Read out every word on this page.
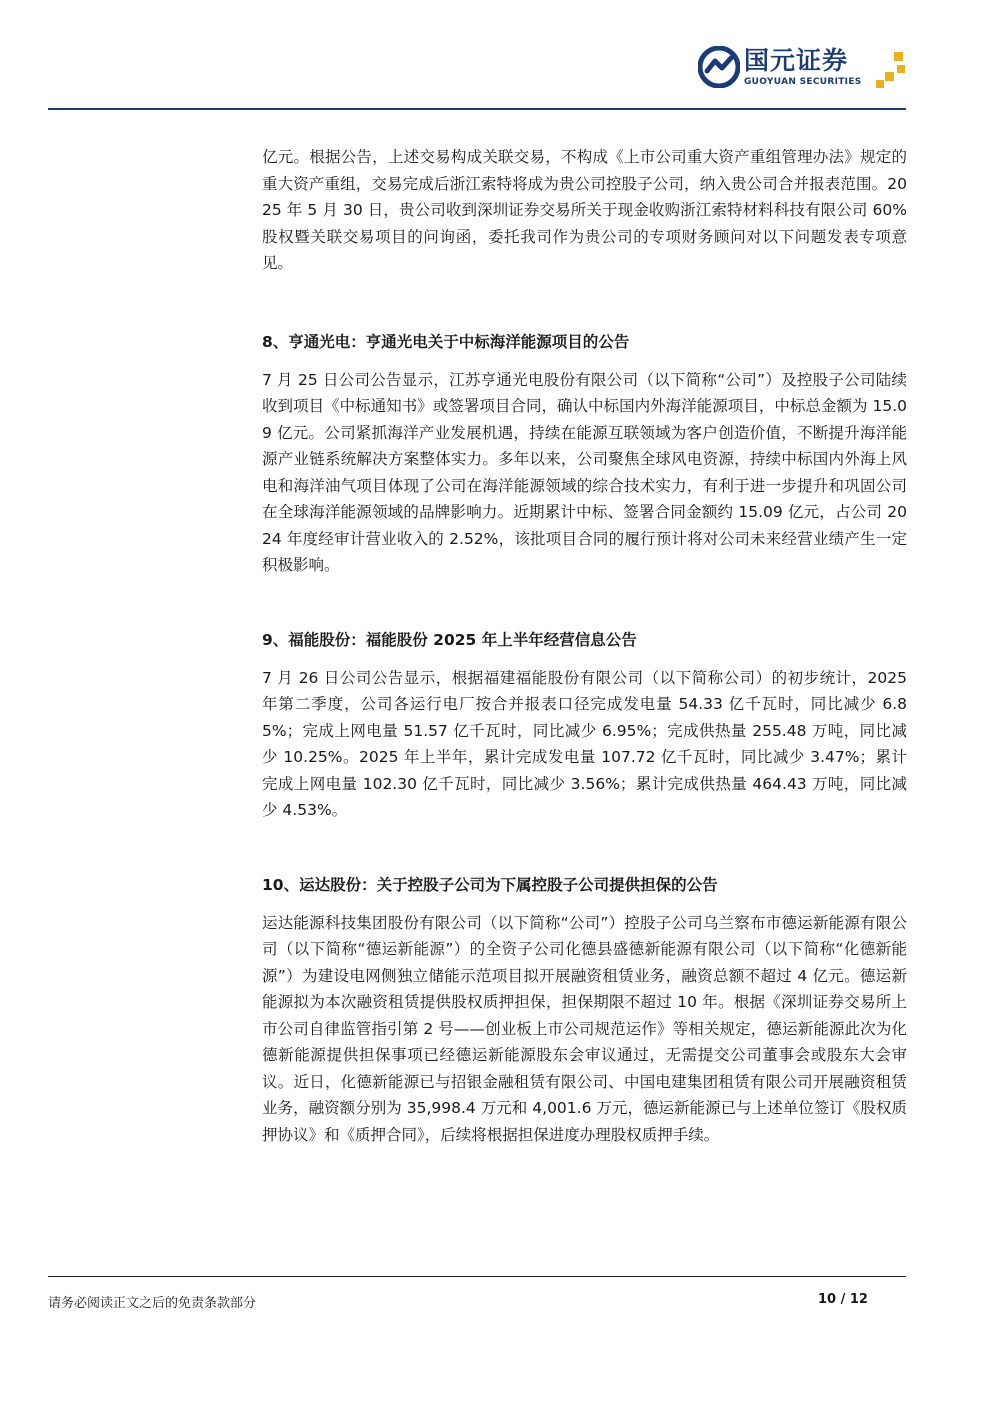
国元证券
GUOYUAN SECURITIES

亿元。根据公告，上述交易构成关联交易，不构成《上市公司重大资产重组管理办法》规定的重大资产重组，交易完成后浙江索特将成为贵公司控股子公司，纳入贵公司合并报表范围。2025 年 5 月 30 日，贵公司收到深圳证券交易所关于现金收购浙江索特材料科技有限公司 60%股权暨关联交易项目的问询函，委托我司作为贵公司的专项财务顾问对以下问题发表专项意见。

8、亨通光电：亨通光电关于中标海洋能源项目的公告

7 月 25 日公司公告显示，江苏亨通光电股份有限公司（以下简称“公司”）及控股子公司陆续收到项目《中标通知书》或签署项目合同，确认中标国内外海洋能源项目，中标总金额为 15.09 亿元。公司紧抓海洋产业发展机遇，持续在能源互联领域为客户创造价值，不断提升海洋能源产业链系统解决方案整体实力。多年以来，公司聚焦全球风电资源，持续中标国内外海上风电和海洋油气项目体现了公司在海洋能源领域的综合技术实力，有利于进一步提升和巩固公司在全球海洋能源领域的品牌影响力。近期累计中标、签署合同金额约 15.09 亿元，占公司 2024 年度经审计营业收入的 2.52%，该批项目合同的履行预计将对公司未来经营业绩产生一定积极影响。

9、福能股份：福能股份 2025 年上半年经营信息公告

7 月 26 日公司公告显示，根据福建福能股份有限公司（以下简称公司）的初步统计，2025 年第二季度，公司各运行电厂按合并报表口径完成发电量 54.33 亿千瓦时，同比减少 6.85%；完成上网电量 51.57 亿千瓦时，同比减少 6.95%；完成供热量 255.48 万吨，同比减少 10.25%。2025 年上半年，累计完成发电量 107.72 亿千瓦时，同比减少 3.47%；累计完成上网电量 102.30 亿千瓦时，同比减少 3.56%；累计完成供热量 464.43 万吨，同比减少 4.53%。

10、运达股份：关于控股子公司为下属控股子公司提供担保的公告

运达能源科技集团股份有限公司（以下简称“公司”）控股子公司乌兰察布市德运新能源有限公司（以下简称“德运新能源”）的全资子公司化德县盛德新能源有限公司（以下简称“化德新能源”）为建设电网侧独立储能示范项目拟开展融资租赁业务，融资总额不超过 4 亿元。德运新能源拟为本次融资租赁提供股权质押担保，担保期限不超过 10 年。根据《深圳证券交易所上市公司自律监管指引第 2 号——创业板上市公司规范运作》等相关规定，德运新能源此次为化德新能源提供担保事项已经德运新能源股东会审议通过，无需提交公司董事会或股东大会审议。近日，化德新能源已与招银金融租赁有限公司、中国电建集团租赁有限公司开展融资租赁业务，融资额分别为 35,998.4 万元和 4,001.6 万元，德运新能源已与上述单位签订《股权质押协议》和《质押合同》，后续将根据担保进度办理股权质押手续。

请务必阅读正文之后的免责条款部分	10 / 12
